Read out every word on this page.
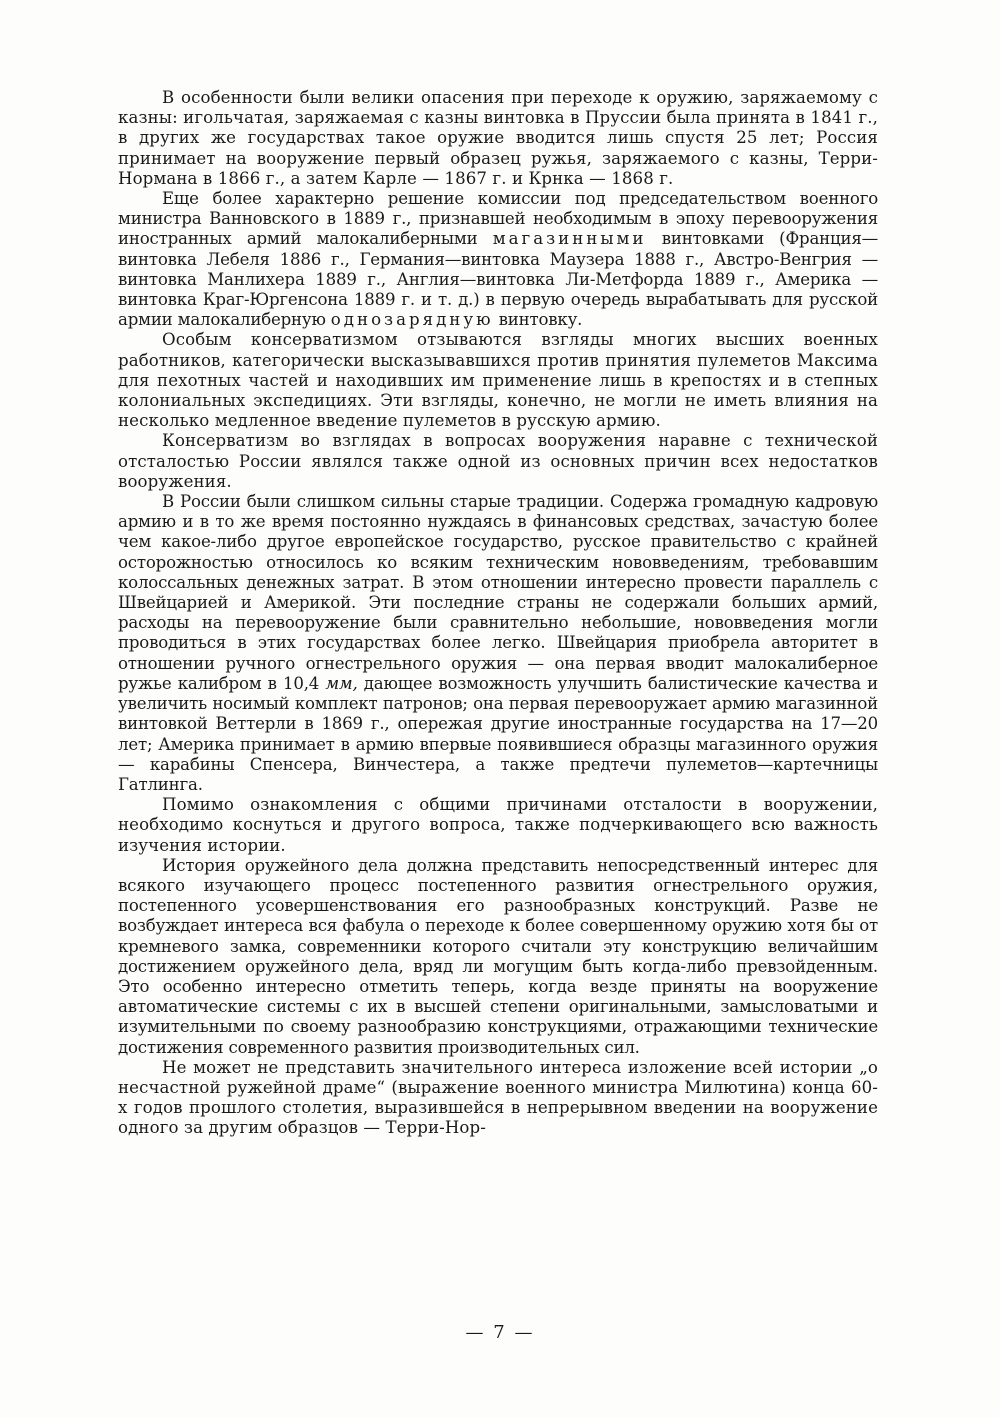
В особенности были велики опасения при переходе к оружию, заряжаемому с казны: игольчатая, заряжаемая с казны винтовка в Пруссии была принята в 1841 г., в других же государствах такое оружие вводится лишь спустя 25 лет; Россия принимает на вооружение первый образец ружья, заряжаемого с казны, Терри-Нормана в 1866 г., а затем Карле — 1867 г. и Крнка — 1868 г.

Еще более характерно решение комиссии под председательством военного министра Ванновского в 1889 г., признавшей необходимым в эпоху перевооружения иностранных армий малокалиберными магазинными винтовками (Франция—винтовка Лебеля 1886 г., Германия—винтовка Маузера 1888 г., Австро-Венгрия — винтовка Манлихера 1889 г., Англия—винтовка Ли-Метфорда 1889 г., Америка — винтовка Краг-Юргенсона 1889 г. и т. д.) в первую очередь вырабатывать для русской армии малокалиберную однозарядную винтовку.

Особым консерватизмом отзываются взгляды многих высших военных работников, категорически высказывавшихся против принятия пулеметов Максима для пехотных частей и находивших им применение лишь в крепостях и в степных колониальных экспедициях. Эти взгляды, конечно, не могли не иметь влияния на несколько медленное введение пулеметов в русскую армию.

Консерватизм во взглядах в вопросах вооружения наравне с технической отсталостью России являлся также одной из основных причин всех недостатков вооружения.

В России были слишком сильны старые традиции. Содержа громадную кадровую армию и в то же время постоянно нуждаясь в финансовых средствах, зачастую более чем какое-либо другое европейское государство, русское правительство с крайней осторожностью относилось ко всяким техническим нововведениям, требовавшим колоссальных денежных затрат. В этом отношении интересно провести параллель с Швейцарией и Америкой. Эти последние страны не содержали больших армий, расходы на перевооружение были сравнительно небольшие, нововведения могли проводиться в этих государствах более легко. Швейцария приобрела авторитет в отношении ручного огнестрельного оружия — она первая вводит малокалиберное ружье калибром в 10,4 мм, дающее возможность улучшить балистические качества и увеличить носимый комплект патронов; она первая перевооружает армию магазинной винтовкой Веттерли в 1869 г., опережая другие иностранные государства на 17—20 лет; Америка принимает в армию впервые появившиеся образцы магазинного оружия — карабины Спенсера, Винчестера, а также предтечи пулеметов—картечницы Гатлинга.

Помимо ознакомления с общими причинами отсталости в вооружении, необходимо коснуться и другого вопроса, также подчеркивающего всю важность изучения истории.

История оружейного дела должна представить непосредственный интерес для всякого изучающего процесс постепенного развития огнестрельного оружия, постепенного усовершенствования его разнообразных конструкций. Разве не возбуждает интереса вся фабула о переходе к более совершенному оружию хотя бы от кремневого замка, современники которого считали эту конструкцию величайшим достижением оружейного дела, вряд ли могущим быть когда-либо превзойденным. Это особенно интересно отметить теперь, когда везде приняты на вооружение автоматические системы с их в высшей степени оригинальными, замысловатыми и изумительными по своему разнообразию конструкциями, отражающими технические достижения современного развития производительных сил.

Не может не представить значительного интереса изложение всей истории „о несчастной ружейной драме“ (выражение военного министра Милютина) конца 60-х годов прошлого столетия, выразившейся в непрерывном введении на вооружение одного за другим образцов — Терри-Нор-

— 7 —
